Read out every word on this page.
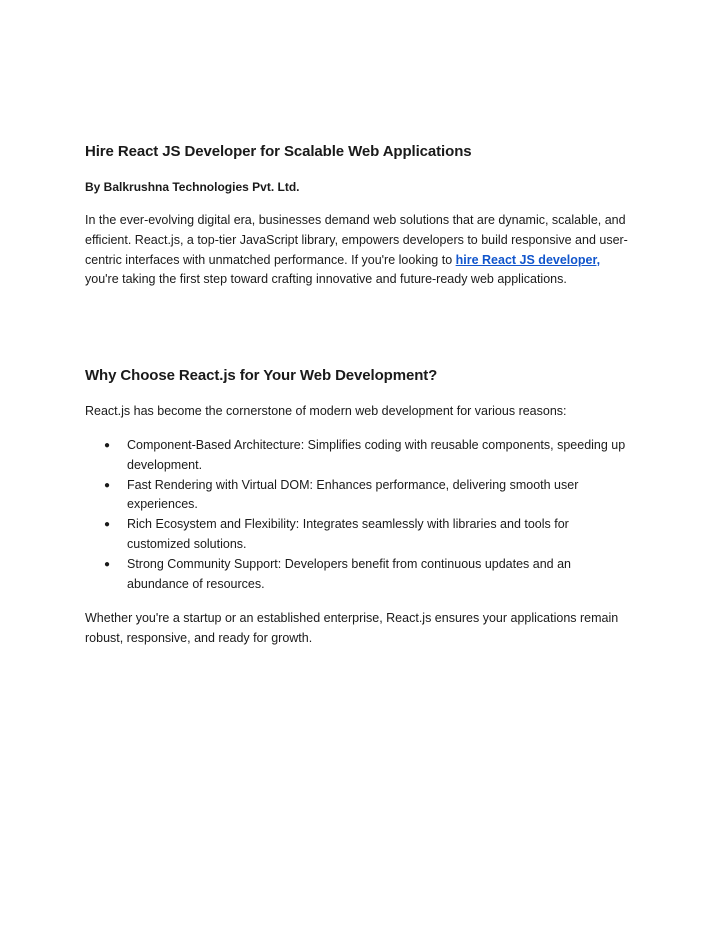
Hire React JS Developer for Scalable Web Applications

By Balkrushna Technologies Pvt. Ltd.

In the ever-evolving digital era, businesses demand web solutions that are dynamic, scalable, and efficient. React.js, a top-tier JavaScript library, empowers developers to build responsive and user-centric interfaces with unmatched performance. If you're looking to hire React JS developer, you're taking the first step toward crafting innovative and future-ready web applications.

Why Choose React.js for Your Web Development?

React.js has become the cornerstone of modern web development for various reasons:

● Component-Based Architecture: Simplifies coding with reusable components, speeding up development.
● Fast Rendering with Virtual DOM: Enhances performance, delivering smooth user experiences.
● Rich Ecosystem and Flexibility: Integrates seamlessly with libraries and tools for customized solutions.
● Strong Community Support: Developers benefit from continuous updates and an abundance of resources.

Whether you're a startup or an established enterprise, React.js ensures your applications remain robust, responsive, and ready for growth.
